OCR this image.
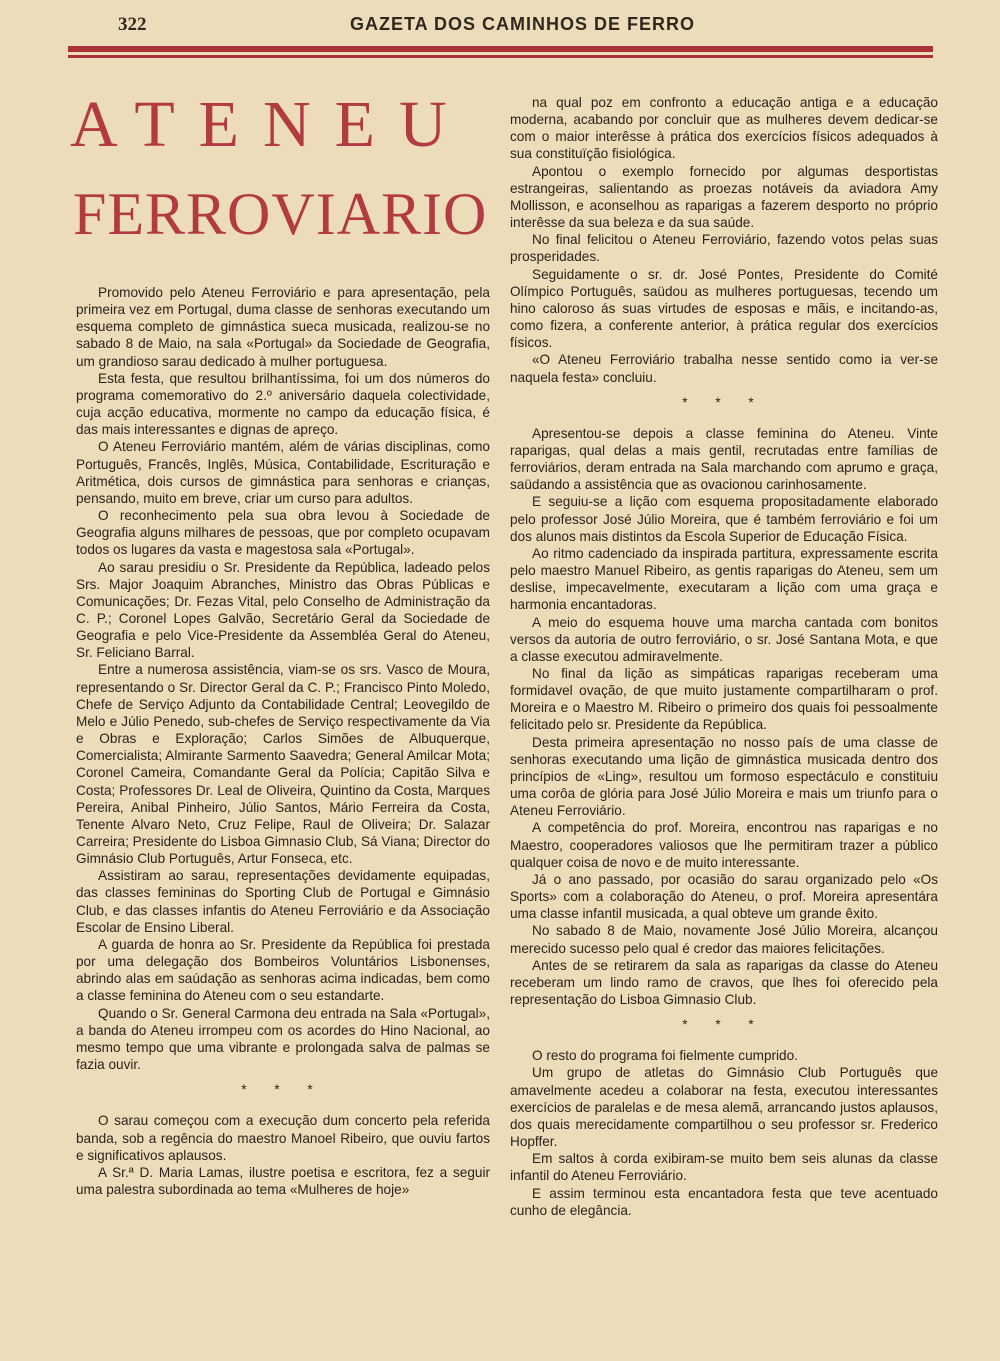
322	GAZETA DOS CAMINHOS DE FERRO
ATENEU
FERROVIARIO

Promovido pelo Ateneu Ferroviário e para apresentação, pela primeira vez em Portugal, duma classe de senhoras executando um esquema completo de gimnástica sueca musicada, realizou-se no sabado 8 de Maio, na sala «Portugal» da Sociedade de Geografia, um grandioso sarau dedicado à mulher portuguesa.

Esta festa, que resultou brilhantíssima, foi um dos números do programa comemorativo do 2.º aniversário daquela colectividade, cuja acção educativa, mormente no campo da educação física, é das mais interessantes e dignas de apreço.

O Ateneu Ferroviário mantém, além de várias disciplinas, como Português, Francês, Inglês, Música, Contabilidade, Escrituração e Aritmética, dois cursos de gimnástica para senhoras e crianças, pensando, muito em breve, criar um curso para adultos.

O reconhecimento pela sua obra levou à Sociedade de Geografia alguns milhares de pessoas, que por completo ocupavam todos os lugares da vasta e magestosa sala «Portugal».

Ao sarau presidiu o Sr. Presidente da República, ladeado pelos Srs. Major Joaquim Abranches, Ministro das Obras Públicas e Comunicações; Dr. Fezas Vital, pelo Conselho de Administração da C. P.; Coronel Lopes Galvão, Secretário Geral da Sociedade de Geografia e pelo Vice-Presidente da Assembléa Geral do Ateneu, Sr. Feliciano Barral.

Entre a numerosa assistência, viam-se os srs. Vasco de Moura, representando o Sr. Director Geral da C. P.; Francisco Pinto Moledo, Chefe de Serviço Adjunto da Contabilidade Central; Leovegildo de Melo e Júlio Penedo, sub-chefes de Serviço respectivamente da Via e Obras e Exploração; Carlos Simões de Albuquerque, Comercialista; Almirante Sarmento Saavedra; General Amilcar Mota; Coronel Cameira, Comandante Geral da Polícia; Capitão Silva e Costa; Professores Dr. Leal de Oliveira, Quintino da Costa, Marques Pereira, Anibal Pinheiro, Júlio Santos, Mário Ferreira da Costa, Tenente Alvaro Neto, Cruz Felipe, Raul de Oliveira; Dr. Salazar Carreira; Presidente do Lisboa Gimnasio Club, Sá Viana; Director do Gimnásio Club Português, Artur Fonseca, etc.

Assistiram ao sarau, representações devidamente equipadas, das classes femininas do Sporting Club de Portugal e Gimnásio Club, e das classes infantis do Ateneu Ferroviário e da Associação Escolar de Ensino Liberal.

A guarda de honra ao Sr. Presidente da República foi prestada por uma delegação dos Bombeiros Voluntários Lisbonenses, abrindo alas em saúdação as senhoras acima indicadas, bem como a classe feminina do Ateneu com o seu estandarte.

Quando o Sr. General Carmona deu entrada na Sala «Portugal», a banda do Ateneu irrompeu com os acordes do Hino Nacional, ao mesmo tempo que uma vibrante e prolongada salva de palmas se fazia ouvir.

* * *

O sarau começou com a execução dum concerto pela referida banda, sob a regência do maestro Manoel Ribeiro, que ouviu fartos e significativos aplausos.

A Sr.ª D. Maria Lamas, ilustre poetisa e escritora, fez a seguir uma palestra subordinada ao tema «Mulheres de hoje»

na qual poz em confronto a educação antiga e a educação moderna, acabando por concluir que as mulheres devem dedicar-se com o maior interêsse à prática dos exercícios físicos adequados à sua constituïção fisiológica.

Apontou o exemplo fornecido por algumas desportistas estrangeiras, salientando as proezas notáveis da aviadora Amy Mollisson, e aconselhou as raparigas a fazerem desporto no próprio interêsse da sua beleza e da sua saúde.

No final felicitou o Ateneu Ferroviário, fazendo votos pelas suas prosperidades.

Seguidamente o sr. dr. José Pontes, Presidente do Comité Olímpico Português, saüdou as mulheres portuguesas, tecendo um hino caloroso ás suas virtudes de esposas e mãis, e incitando-as, como fizera, a conferente anterior, à prática regular dos exercícios físicos.

«O Ateneu Ferroviário trabalha nesse sentido como ia ver-se naquela festa» concluiu.

* * *

Apresentou-se depois a classe feminina do Ateneu. Vinte raparigas, qual delas a mais gentil, recrutadas entre famílias de ferroviários, deram entrada na Sala marchando com aprumo e graça, saüdando a assistência que as ovacionou carinhosamente.

E seguiu-se a lição com esquema propositadamente elaborado pelo professor José Júlio Moreira, que é também ferroviário e foi um dos alunos mais distintos da Escola Superior de Educação Física.

Ao ritmo cadenciado da inspirada partitura, expressamente escrita pelo maestro Manuel Ribeiro, as gentis raparigas do Ateneu, sem um deslise, impecavelmente, executaram a lição com uma graça e harmonia encantadoras.

A meio do esquema houve uma marcha cantada com bonitos versos da autoria de outro ferroviário, o sr. José Santana Mota, e que a classe executou admiravelmente.

No final da lição as simpáticas raparigas receberam uma formidavel ovação, de que muito justamente compartilharam o prof. Moreira e o Maestro M. Ribeiro o primeiro dos quais foi pessoalmente felicitado pelo sr. Presidente da República.

Desta primeira apresentação no nosso país de uma classe de senhoras executando uma lição de gimnástica musicada dentro dos princípios de «Ling», resultou um formoso espectáculo e constituiu uma corôa de glória para José Júlio Moreira e mais um triunfo para o Ateneu Ferroviário.

A competência do prof. Moreira, encontrou nas raparigas e no Maestro, cooperadores valiosos que lhe permitiram trazer a público qualquer coisa de novo e de muito interessante.

Já o ano passado, por ocasião do sarau organizado pelo «Os Sports» com a colaboração do Ateneu, o prof. Moreira apresentára uma classe infantil musicada, a qual obteve um grande êxito.

No sabado 8 de Maio, novamente José Júlio Moreira, alcançou merecido sucesso pelo qual é credor das maiores felicitações.

Antes de se retirarem da sala as raparigas da classe do Ateneu receberam um lindo ramo de cravos, que lhes foi oferecido pela representação do Lisboa Gimnasio Club.

* * *

O resto do programa foi fielmente cumprido.

Um grupo de atletas do Gimnásio Club Português que amavelmente acedeu a colaborar na festa, executou interessantes exercícios de paralelas e de mesa alemã, arrancando justos aplausos, dos quais merecidamente compartilhou o seu professor sr. Frederico Hopffer.

Em saltos à corda exibiram-se muito bem seis alunas da classe infantil do Ateneu Ferroviário.

E assim terminou esta encantadora festa que teve acentuado cunho de elegância.
